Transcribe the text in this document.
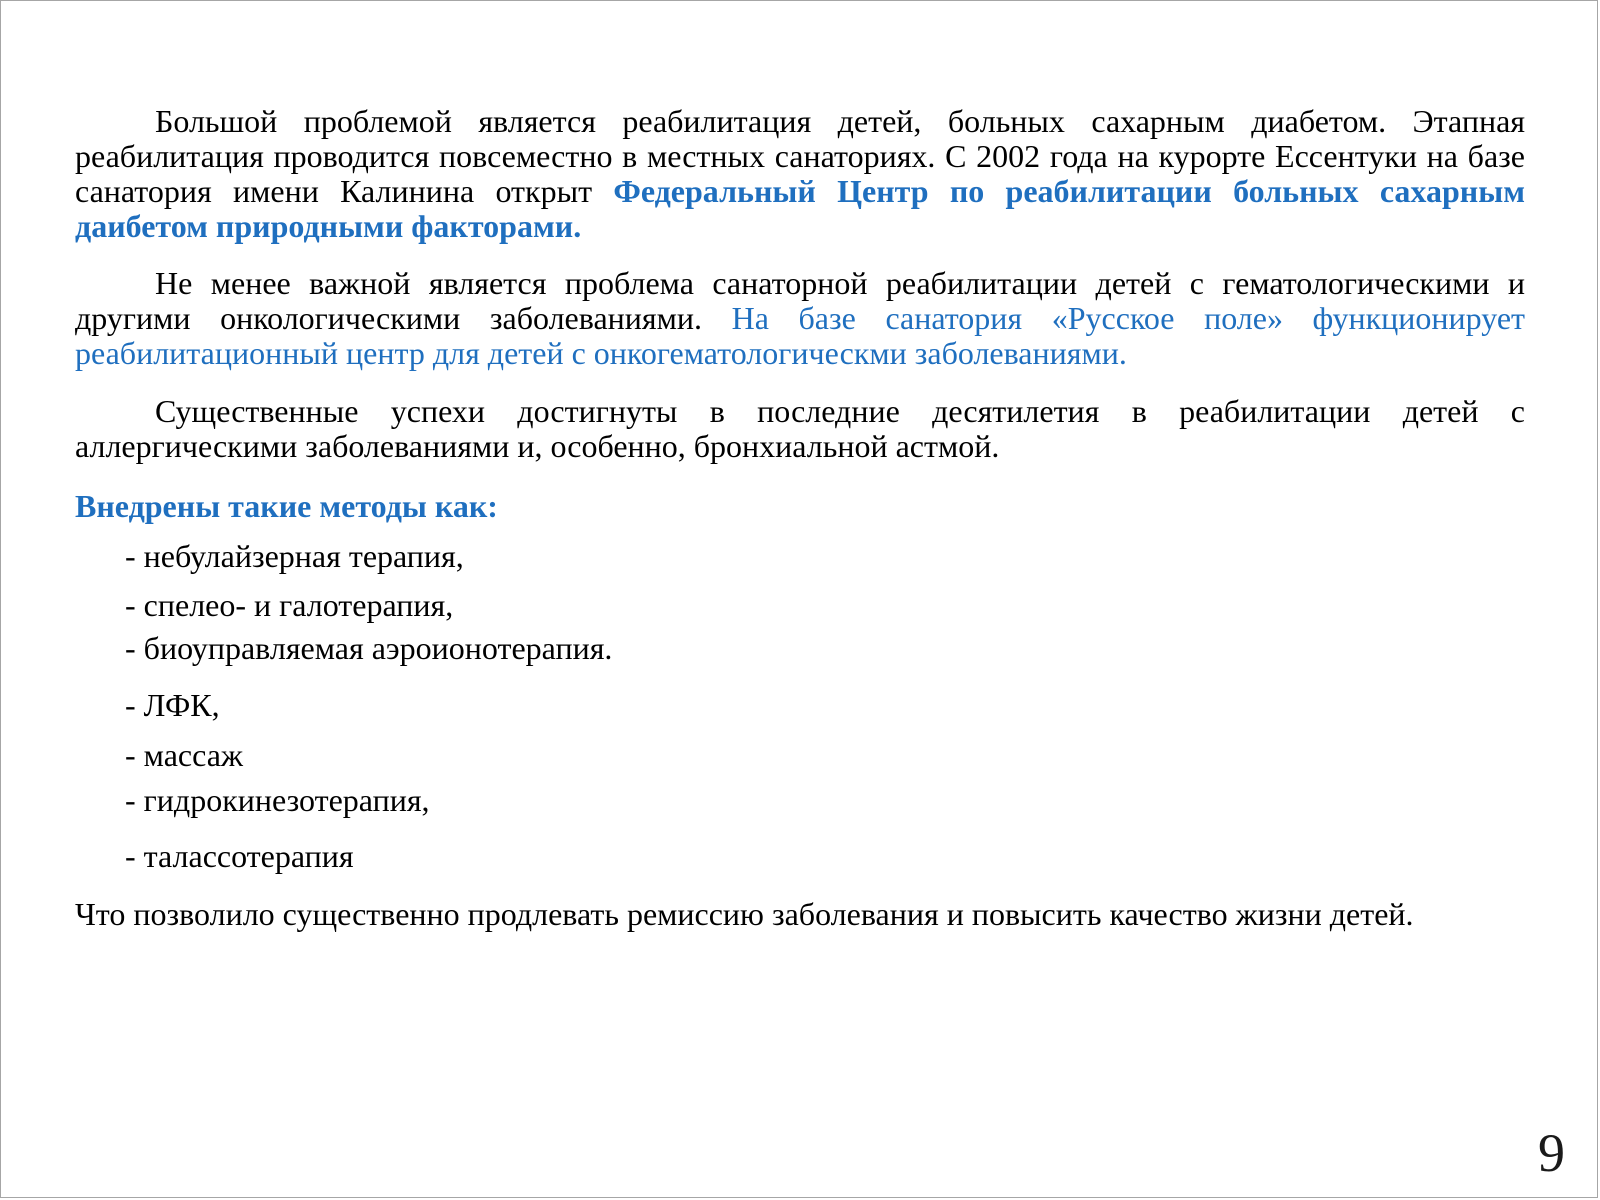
Большой проблемой является реабилитация детей, больных сахарным диабетом. Этапная реабилитация проводится повсеместно в местных санаториях. С 2002 года на курорте Ессентуки на базе санатория имени Калинина открыт Федеральный Центр по реабилитации больных сахарным даибетом природными факторами.

Не менее важной является проблема санаторной реабилитации детей с гематологическими и другими онкологическими заболеваниями. На базе санатория «Русское поле» функционирует реабилитационный центр для детей с онкогематологическми заболеваниями.

Существенные успехи достигнуты в последние десятилетия в реабилитации детей с аллергическими заболеваниями и, особенно, бронхиальной астмой.

Внедрены такие методы как:

- небулайзерная терапия,
- спелео- и галотерапия,
- биоуправляемая аэроионотерапия.
- ЛФК,
- массаж
- гидрокинезотерапия,
- талассотерапия

Что позволило существенно продлевать ремиссию заболевания и повысить качество жизни детей.

9
